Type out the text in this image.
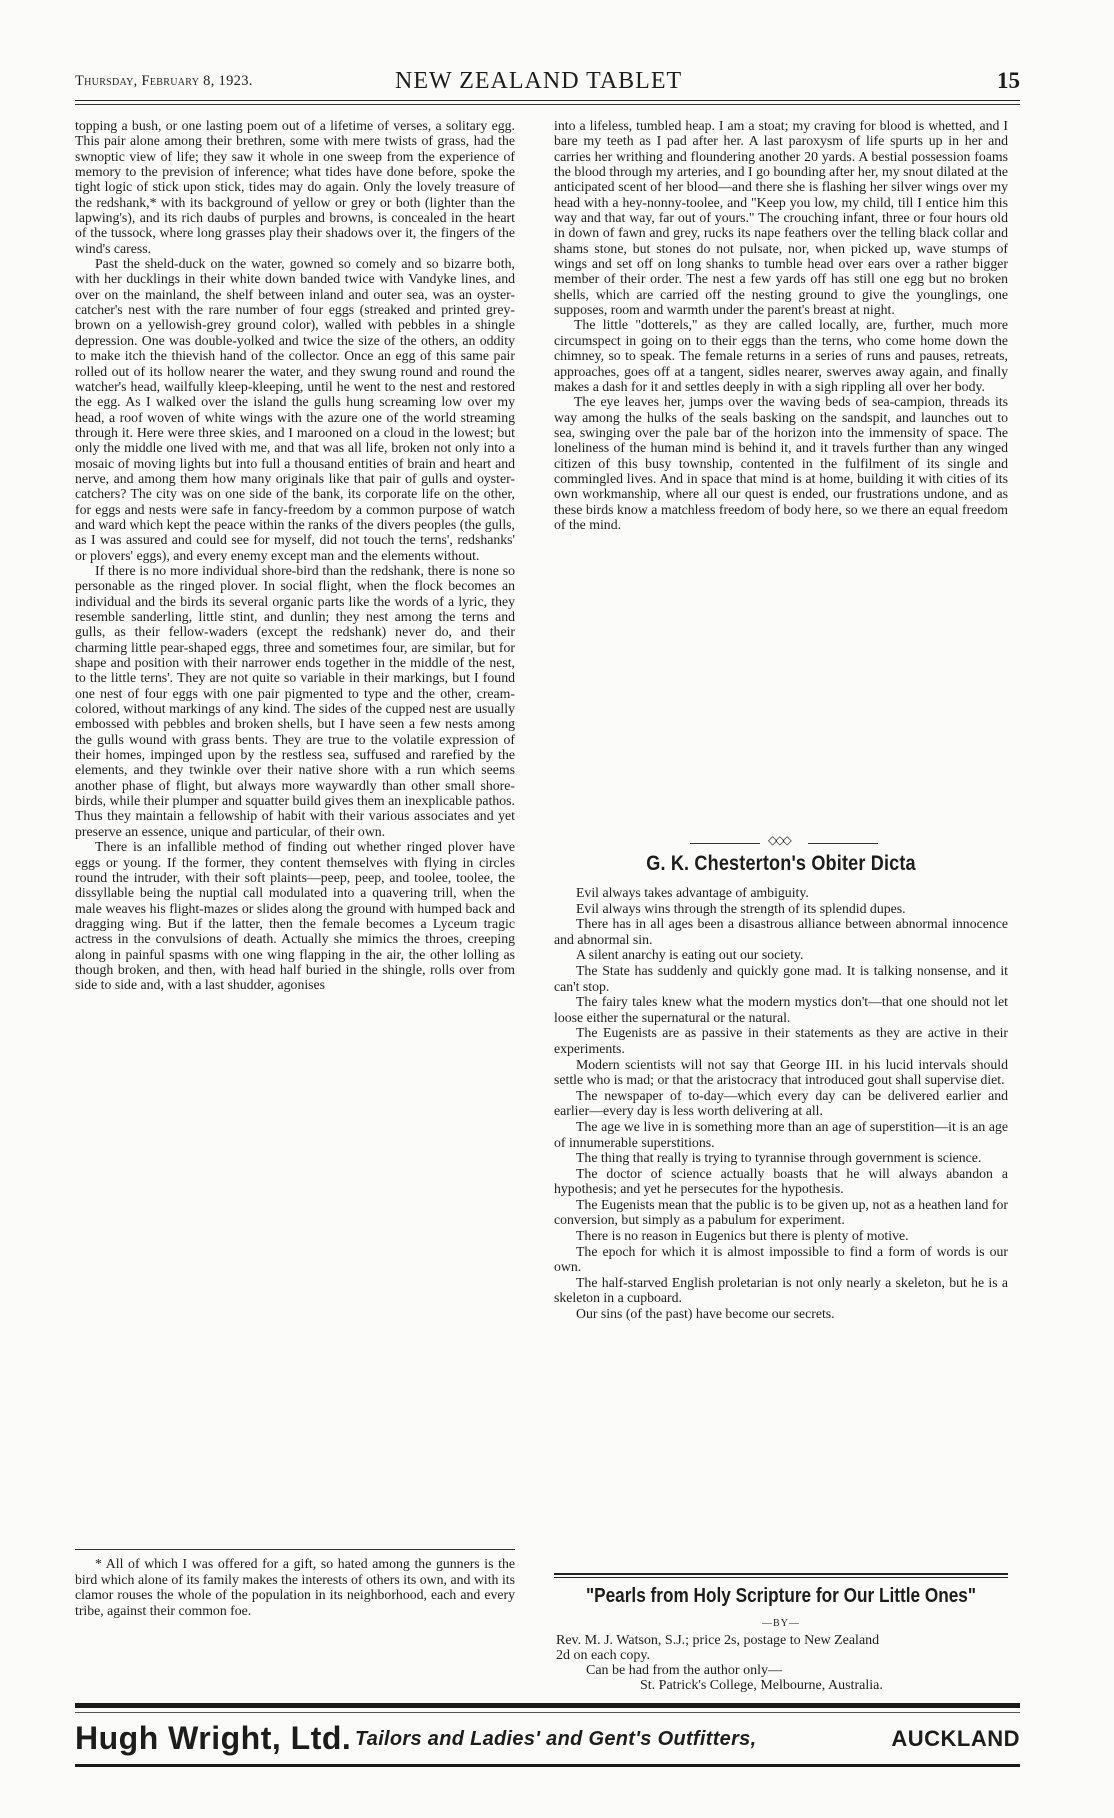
Thursday, February 8, 1923.	NEW ZEALAND TABLET	15

topping a bush, or one lasting poem out of a lifetime of verses, a solitary egg. This pair alone among their brethren, some with mere twists of grass, had the swnoptic view of life; they saw it whole in one sweep from the experience of memory to the prevision of inference; what tides have done before, spoke the tight logic of stick upon stick, tides may do again. Only the lovely treasure of the redshank,* with its background of yellow or grey or both (lighter than the lapwing's), and its rich daubs of purples and browns, is concealed in the heart of the tussock, where long grasses play their shadows over it, the fingers of the wind's caress.

Past the sheld-duck on the water, gowned so comely and so bizarre both, with her ducklings in their white down banded twice with Vandyke lines, and over on the mainland, the shelf between inland and outer sea, was an oyster-catcher's nest with the rare number of four eggs (streaked and printed grey-brown on a yellowish-grey ground color), walled with pebbles in a shingle depression. One was double-yolked and twice the size of the others, an oddity to make itch the thievish hand of the collector. Once an egg of this same pair rolled out of its hollow nearer the water, and they swung round and round the watcher's head, wailfully kleep-kleeping, until he went to the nest and restored the egg. As I walked over the island the gulls hung screaming low over my head, a roof woven of white wings with the azure one of the world streaming through it. Here were three skies, and I marooned on a cloud in the lowest; but only the middle one lived with me, and that was all life, broken not only into a mosaic of moving lights but into full a thousand entities of brain and heart and nerve, and among them how many originals like that pair of gulls and oyster-catchers? The city was on one side of the bank, its corporate life on the other, for eggs and nests were safe in fancy-freedom by a common purpose of watch and ward which kept the peace within the ranks of the divers peoples (the gulls, as I was assured and could see for myself, did not touch the terns', redshanks' or plovers' eggs), and every enemy except man and the elements without.

If there is no more individual shore-bird than the redshank, there is none so personable as the ringed plover. In social flight, when the flock becomes an individual and the birds its several organic parts like the words of a lyric, they resemble sanderling, little stint, and dunlin; they nest among the terns and gulls, as their fellow-waders (except the redshank) never do, and their charming little pear-shaped eggs, three and sometimes four, are similar, but for shape and position with their narrower ends together in the middle of the nest, to the little terns'. They are not quite so variable in their markings, but I found one nest of four eggs with one pair pigmented to type and the other, cream-colored, without markings of any kind. The sides of the cupped nest are usually embossed with pebbles and broken shells, but I have seen a few nests among the gulls wound with grass bents. They are true to the volatile expression of their homes, impinged upon by the restless sea, suffused and rarefied by the elements, and they twinkle over their native shore with a run which seems another phase of flight, but always more waywardly than other small shore-birds, while their plumper and squatter build gives them an inexplicable pathos. Thus they maintain a fellowship of habit with their various associates and yet preserve an essence, unique and particular, of their own.

There is an infallible method of finding out whether ringed plover have eggs or young. If the former, they content themselves with flying in circles round the intruder, with their soft plaints—peep, peep, and toolee, toolee, the dissyllable being the nuptial call modulated into a quavering trill, when the male weaves his flight-mazes or slides along the ground with humped back and dragging wing. But if the latter, then the female becomes a Lyceum tragic actress in the convulsions of death. Actually she mimics the throes, creeping along in painful spasms with one wing flapping in the air, the other lolling as though broken, and then, with head half buried in the shingle, rolls over from side to side and, with a last shudder, agonises

* All of which I was offered for a gift, so hated among the gunners is the bird which alone of its family makes the interests of others its own, and with its clamor rouses the whole of the population in its neighborhood, each and every tribe, against their common foe.

into a lifeless, tumbled heap. I am a stoat; my craving for blood is whetted, and I bare my teeth as I pad after her. A last paroxysm of life spurts up in her and carries her writhing and floundering another 20 yards. A bestial possession foams the blood through my arteries, and I go bounding after her, my snout dilated at the anticipated scent of her blood—and there she is flashing her silver wings over my head with a hey-nonny-toolee, and "Keep you low, my child, till I entice him this way and that way, far out of yours." The crouching infant, three or four hours old in down of fawn and grey, rucks its nape feathers over the telling black collar and shams stone, but stones do not pulsate, nor, when picked up, wave stumps of wings and set off on long shanks to tumble head over ears over a rather bigger member of their order. The nest a few yards off has still one egg but no broken shells, which are carried off the nesting ground to give the younglings, one supposes, room and warmth under the parent's breast at night.

The little "dotterels," as they are called locally, are, further, much more circumspect in going on to their eggs than the terns, who come home down the chimney, so to speak. The female returns in a series of runs and pauses, retreats, approaches, goes off at a tangent, sidles nearer, swerves away again, and finally makes a dash for it and settles deeply in with a sigh rippling all over her body.

The eye leaves her, jumps over the waving beds of sea-campion, threads its way among the hulks of the seals basking on the sandspit, and launches out to sea, swinging over the pale bar of the horizon into the immensity of space. The loneliness of the human mind is behind it, and it travels further than any winged citizen of this busy township, contented in the fulfilment of its single and commingled lives. And in space that mind is at home, building it with cities of its own workmanship, where all our quest is ended, our frustrations undone, and as these birds know a matchless freedom of body here, so we there an equal freedom of the mind.

◇◇◇
G. K. Chesterton's Obiter Dicta

Evil always takes advantage of ambiguity.

Evil always wins through the strength of its splendid dupes.

There has in all ages been a disastrous alliance between abnormal innocence and abnormal sin.

A silent anarchy is eating out our society.

The State has suddenly and quickly gone mad. It is talking nonsense, and it can't stop.

The fairy tales knew what the modern mystics don't—that one should not let loose either the supernatural or the natural.

The Eugenists are as passive in their statements as they are active in their experiments.

Modern scientists will not say that George III. in his lucid intervals should settle who is mad; or that the aristocracy that introduced gout shall supervise diet.

The newspaper of to-day—which every day can be delivered earlier and earlier—every day is less worth delivering at all.

The age we live in is something more than an age of superstition—it is an age of innumerable superstitions.

The thing that really is trying to tyrannise through government is science.

The doctor of science actually boasts that he will always abandon a hypothesis; and yet he persecutes for the hypothesis.

The Eugenists mean that the public is to be given up, not as a heathen land for conversion, but simply as a pabulum for experiment.

There is no reason in Eugenics but there is plenty of motive.

The epoch for which it is almost impossible to find a form of words is our own.

The half-starved English proletarian is not only nearly a skeleton, but he is a skeleton in a cupboard.

Our sins (of the past) have become our secrets.

"Pearls from Holy Scripture for Our Little Ones"
—BY—
Rev. M. J. Watson, S.J.; price 2s, postage to New Zealand
2d on each copy.
Can be had from the author only—
St. Patrick's College, Melbourne, Australia.
Hugh Wright, Ltd. Tailors and Ladies' and Gent's Outfitters,	AUCKLAND
